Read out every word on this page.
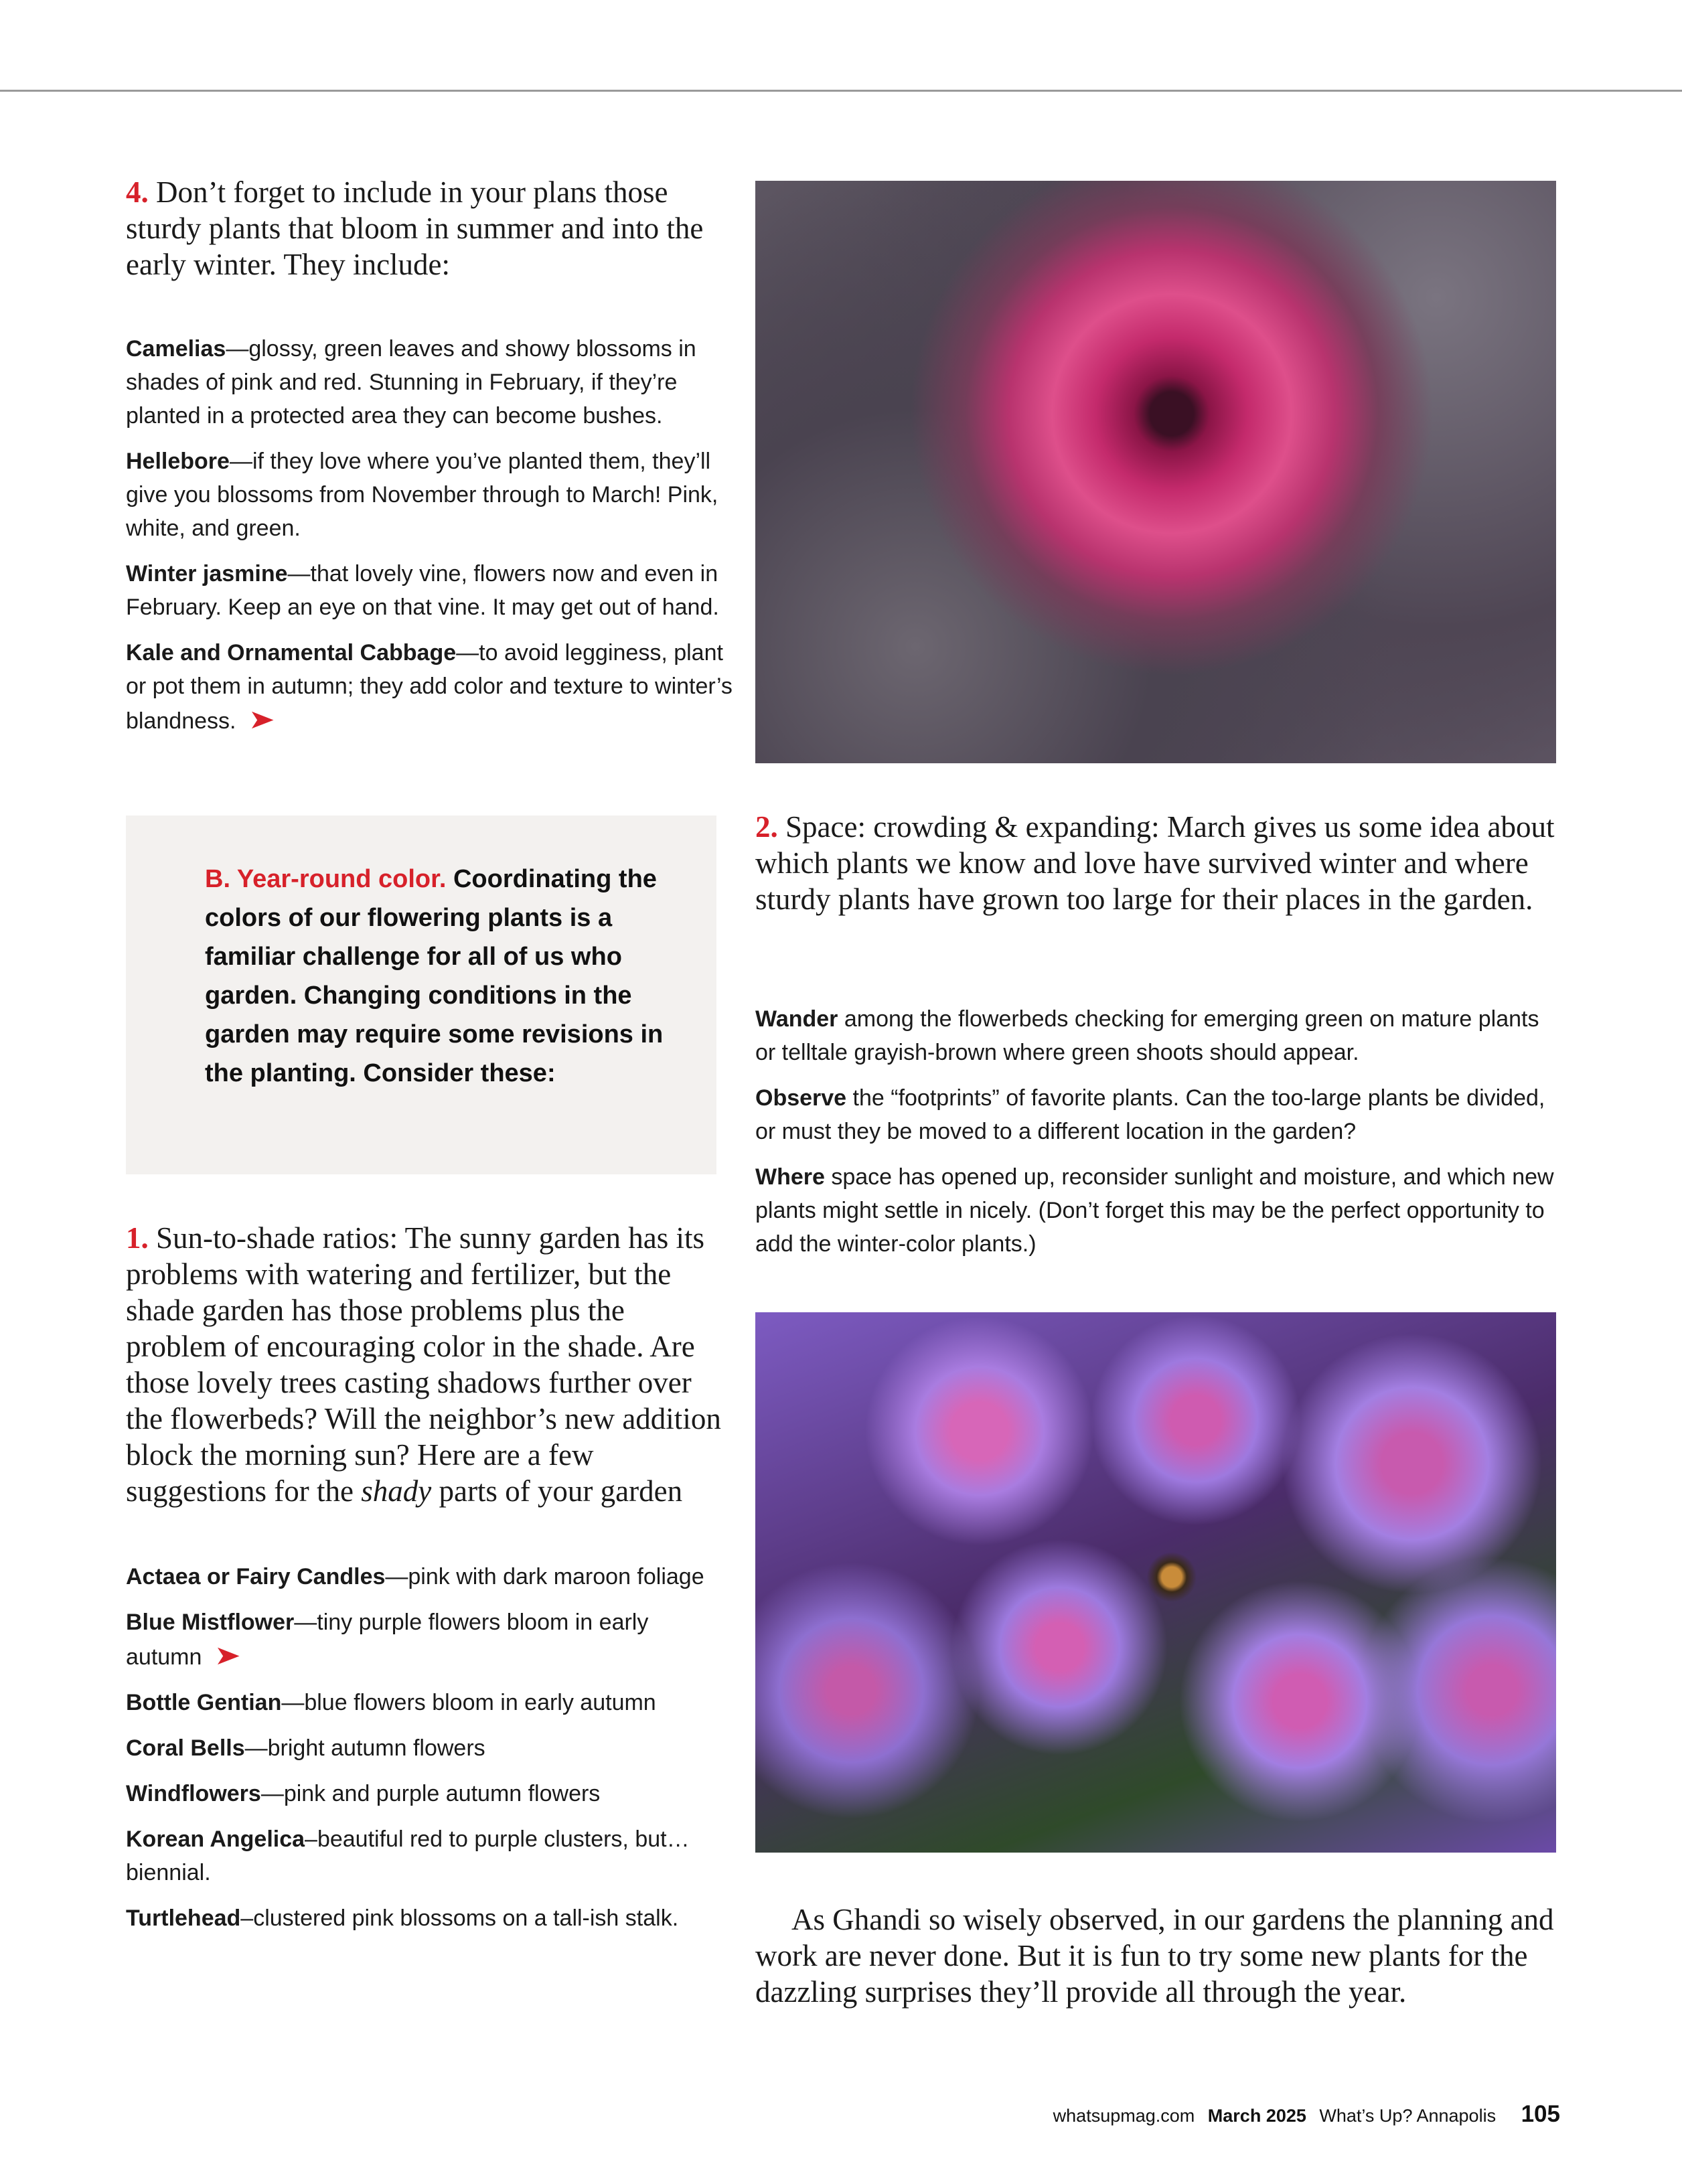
4. Don’t forget to include in your plans those sturdy plants that bloom in summer and into the early winter. They include:

Camelias—glossy, green leaves and showy blossoms in shades of pink and red. Stunning in February, if they’re planted in a protected area they can become bushes.

Hellebore—if they love where you’ve planted them, they’ll give you blossoms from November through to March! Pink, white, and green.

Winter jasmine—that lovely vine, flowers now and even in February. Keep an eye on that vine. It may get out of hand.

Kale and Ornamental Cabbage—to avoid legginess, plant or pot them in autumn; they add color and texture to winter’s blandness. ➤

B. Year-round color. Coordinating the colors of our flowering plants is a familiar challenge for all of us who garden. Changing conditions in the garden may require some revisions in the planting. Consider these:

1. Sun-to-shade ratios: The sunny garden has its problems with watering and fertilizer, but the shade garden has those problems plus the problem of encouraging color in the shade. Are those lovely trees casting shadows further over the flowerbeds? Will the neighbor’s new addition block the morning sun? Here are a few suggestions for the shady parts of your garden

Actaea or Fairy Candles—pink with dark maroon foliage

Blue Mistflower—tiny purple flowers bloom in early autumn ➤

Bottle Gentian—blue flowers bloom in early autumn

Coral Bells—bright autumn flowers

Windflowers—pink and purple autumn flowers

Korean Angelica–beautiful red to purple clusters, but… biennial.

Turtlehead–clustered pink blossoms on a tall-ish stalk.

2. Space: crowding & expanding: March gives us some idea about which plants we know and love have survived winter and where sturdy plants have grown too large for their places in the garden.

Wander among the flowerbeds checking for emerging green on mature plants or telltale grayish-brown where green shoots should appear.

Observe the “footprints” of favorite plants. Can the too-large plants be divided, or must they be moved to a different location in the garden?

Where space has opened up, reconsider sunlight and moisture, and which new plants might settle in nicely. (Don’t forget this may be the perfect opportunity to add the winter-color plants.)

As Ghandi so wisely observed, in our gardens the planning and work are never done. But it is fun to try some new plants for the dazzling surprises they’ll provide all through the year.
whatsupmag.com March 2025 What’s Up? Annapolis 105
